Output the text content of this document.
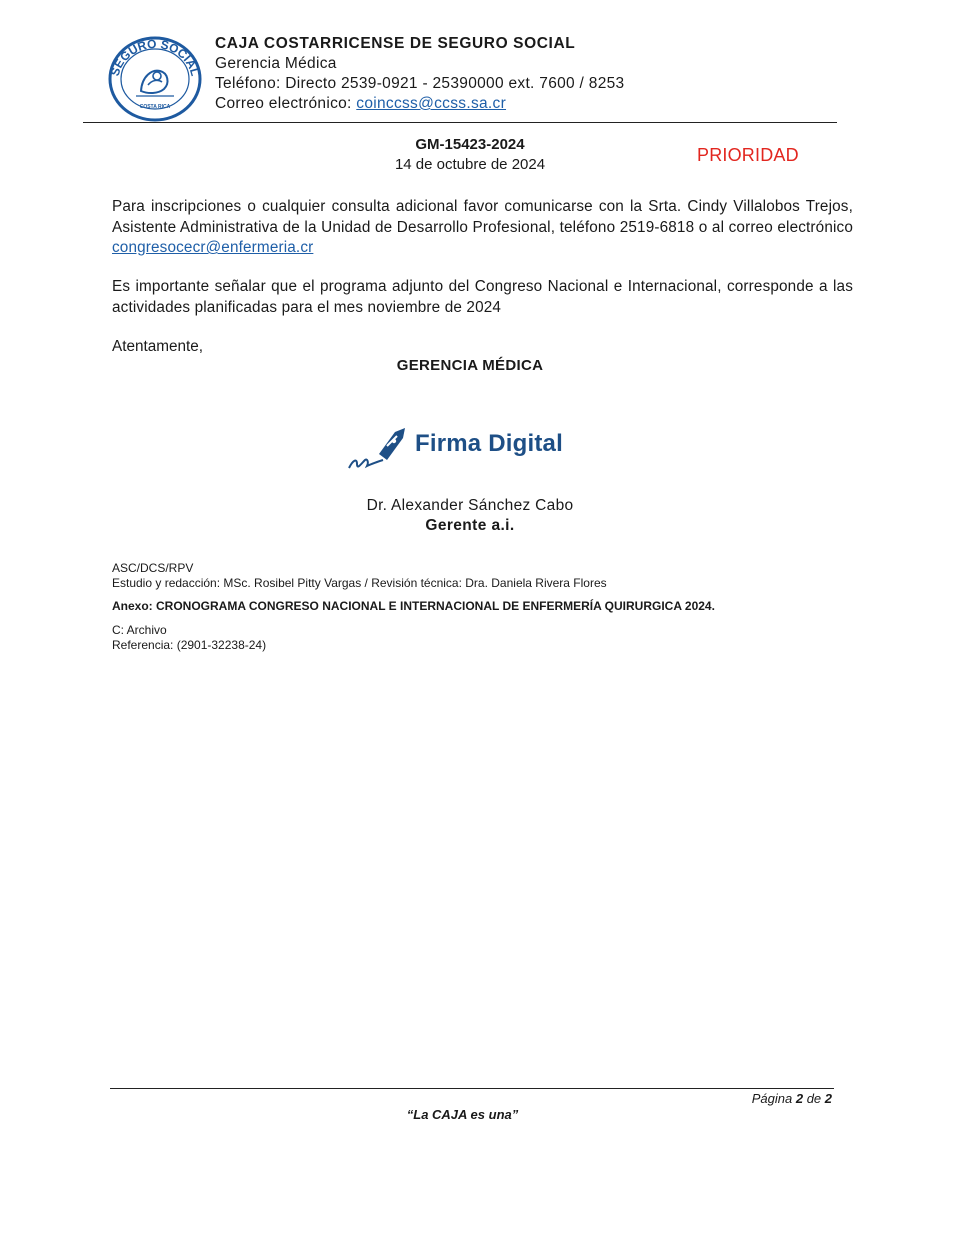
SEGURO SOCIAL
COSTA RICA
CAJA COSTARRICENSE DE SEGURO SOCIAL
Gerencia Médica
Teléfono: Directo 2539-0921 - 25390000 ext. 7600 / 8253
Correo electrónico: coinccss@ccss.sa.cr
GM-15423-2024
14 de octubre de 2024	PRIORIDAD
Para inscripciones o cualquier consulta adicional favor comunicarse con la Srta. Cindy Villalobos Trejos, Asistente Administrativa de la Unidad de Desarrollo Profesional, teléfono 2519-6818 o al correo electrónico congresocecr@enfermeria.cr
Es importante señalar que el programa adjunto del Congreso Nacional e Internacional, corresponde a las actividades planificadas para el mes noviembre de 2024
Atentamente,
GERENCIA MÉDICA
Firma Digital
Dr. Alexander Sánchez Cabo
Gerente a.i.
ASC/DCS/RPV
Estudio y redacción: MSc. Rosibel Pitty Vargas / Revisión técnica: Dra. Daniela Rivera Flores
Anexo: CRONOGRAMA CONGRESO NACIONAL E INTERNACIONAL DE ENFERMERÍA QUIRURGICA 2024.
C: Archivo
Referencia: (2901-32238-24)
Página 2 de 2
“La CAJA es una”
